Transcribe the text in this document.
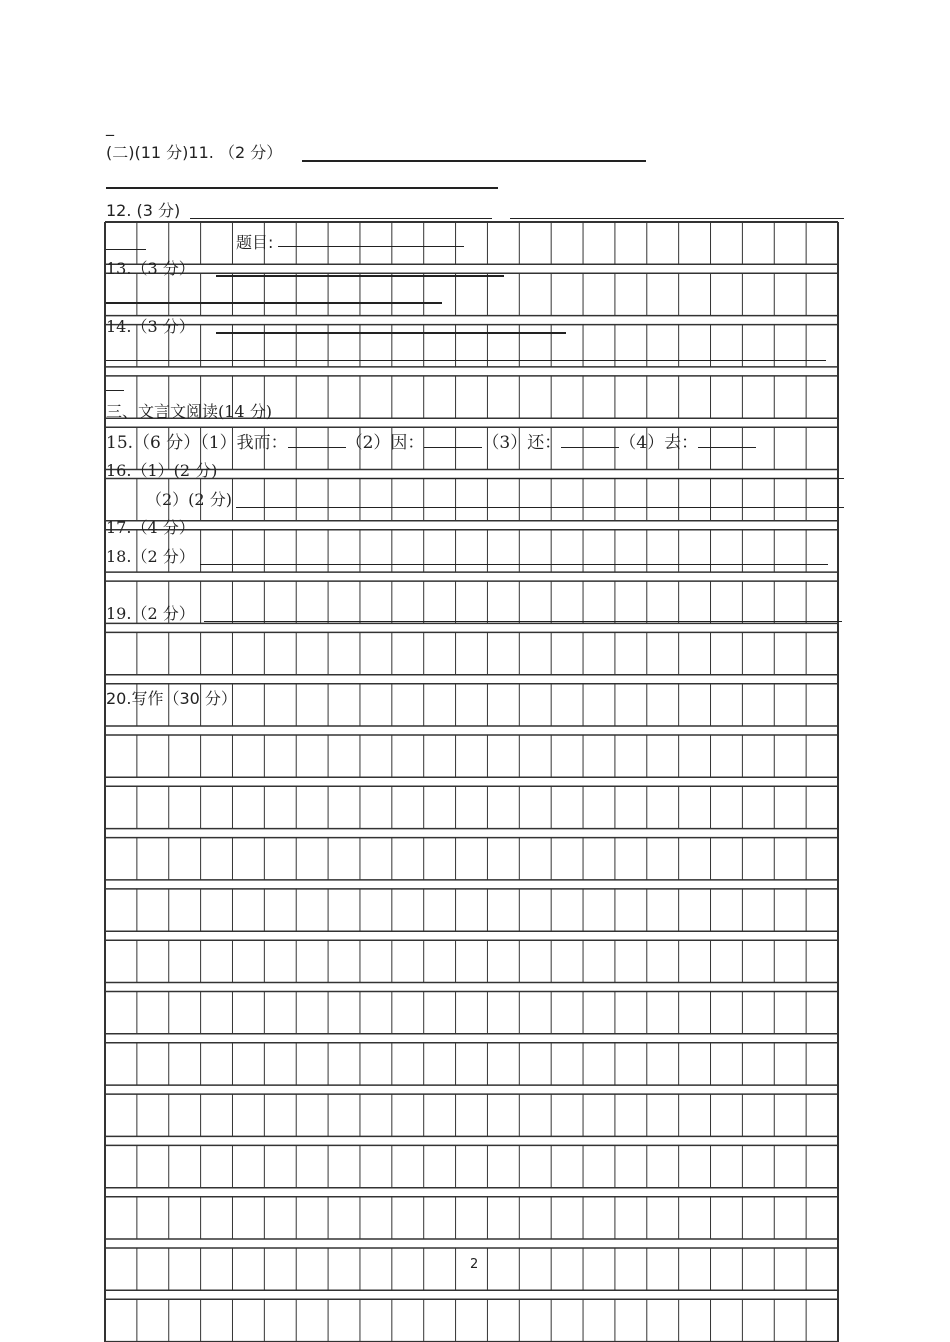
_
(二)(11 分)11. （2 分）
12. (3 分)
题目:
13.（3 分）
14.（3 分）
三、文言文阅读(14 分)
15.（6 分）（1）我而：	（2）因：	（3）还：	（4）去：
16.（1）(2 分)
（2）(2 分)
17.（4 分）
18.（2 分）
19.（2 分）
20.写作（30 分）
2
